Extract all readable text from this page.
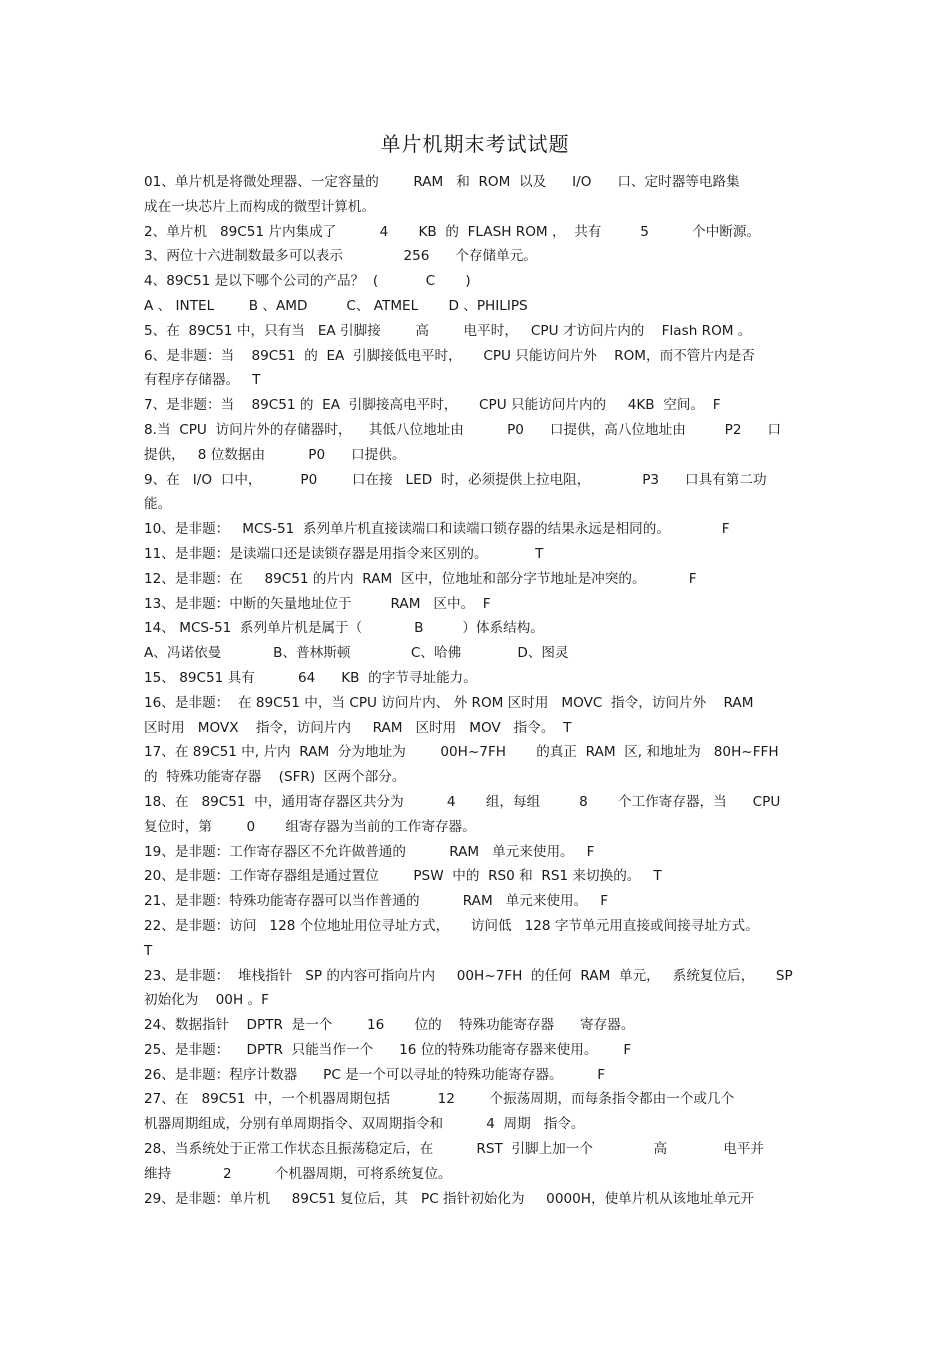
单片机期末考试试题

01、单片机是将微处理器、一定容量的        RAM   和  ROM  以及      I/O      口、定时器等电路集

成在一块芯片上而构成的微型计算机。

2、单片机   89C51 片内集成了          4       KB  的  FLASH ROM ，  共有         5          个中断源。

3、两位十六进制数最多可以表示              256      个存储单元。

4、89C51 是以下哪个公司的产品？  (           C       )

A 、 INTEL        B 、AMD         C、 ATMEL       D 、PHILIPS

5、在  89C51 中，只有当   EA 引脚接        高        电平时，   CPU 才访问片内的    Flash ROM 。

6、是非题：当    89C51  的  EA  引脚接低电平时，     CPU 只能访问片外    ROM，而不管片内是否

有程序存储器。   T

7、是非题：当    89C51 的  EA  引脚接高电平时，     CPU 只能访问片内的     4KB  空间。  F

8.当  CPU  访问片外的存储器时，    其低八位地址由          P0      口提供，高八位地址由         P2      口

提供，   8 位数据由          P0      口提供。

9、在   I/O  口中，         P0        口在接   LED  时，必须提供上拉电阻，            P3      口具有第二功

能。

10、是非题：   MCS-51  系列单片机直接读端口和读端口锁存器的结果永远是相同的。            F

11、是非题：是读端口还是读锁存器是用指令来区别的。           T

12、是非题：在     89C51 的片内  RAM  区中，位地址和部分字节地址是冲突的。          F

13、是非题：中断的矢量地址位于         RAM   区中。  F

14、 MCS-51  系列单片机是属于（            B         ）体系结构。

A、冯诺依曼            B、普林斯顿              C、哈佛             D、图灵

15、 89C51 具有          64      KB  的字节寻址能力。

16、是非题：  在 89C51 中，当 CPU 访问片内、 外 ROM 区时用   MOVC  指令，访问片外    RAM

区时用   MOVX    指令，访问片内     RAM   区时用   MOV   指令。  T

17、在 89C51 中, 片内  RAM  分为地址为        00H~7FH       的真正  RAM  区, 和地址为   80H~FFH

的  特殊功能寄存器    (SFR)  区两个部分。

18、在   89C51  中，通用寄存器区共分为          4       组，每组         8       个工作寄存器，当      CPU

复位时，第        0       组寄存器为当前的工作寄存器。

19、是非题：工作寄存器区不允许做普通的          RAM   单元来使用。   F

20、是非题：工作寄存器组是通过置位        PSW  中的  RS0 和  RS1 来切换的。   T

21、是非题：特殊功能寄存器可以当作普通的          RAM   单元来使用。   F

22、是非题：访问   128 个位地址用位寻址方式，     访问低   128 字节单元用直接或间接寻址方式。

T

23、是非题：  堆栈指针   SP 的内容可指向片内     00H~7FH  的任何  RAM  单元，   系统复位后，     SP

初始化为    00H 。F

24、数据指针    DPTR  是一个        16       位的    特殊功能寄存器      寄存器。

25、是非题：    DPTR  只能当作一个      16 位的特殊功能寄存器来使用。      F

26、是非题：程序计数器      PC 是一个可以寻址的特殊功能寄存器。        F

27、在   89C51  中，一个机器周期包括           12        个振荡周期，而每条指令都由一个或几个

机器周期组成，分别有单周期指令、双周期指令和          4  周期   指令。

28、当系统处于正常工作状态且振荡稳定后，在          RST  引脚上加一个              高             电平并

维持            2          个机器周期，可将系统复位。

29、是非题：单片机     89C51 复位后，其   PC 指针初始化为     0000H，使单片机从该地址单元开
